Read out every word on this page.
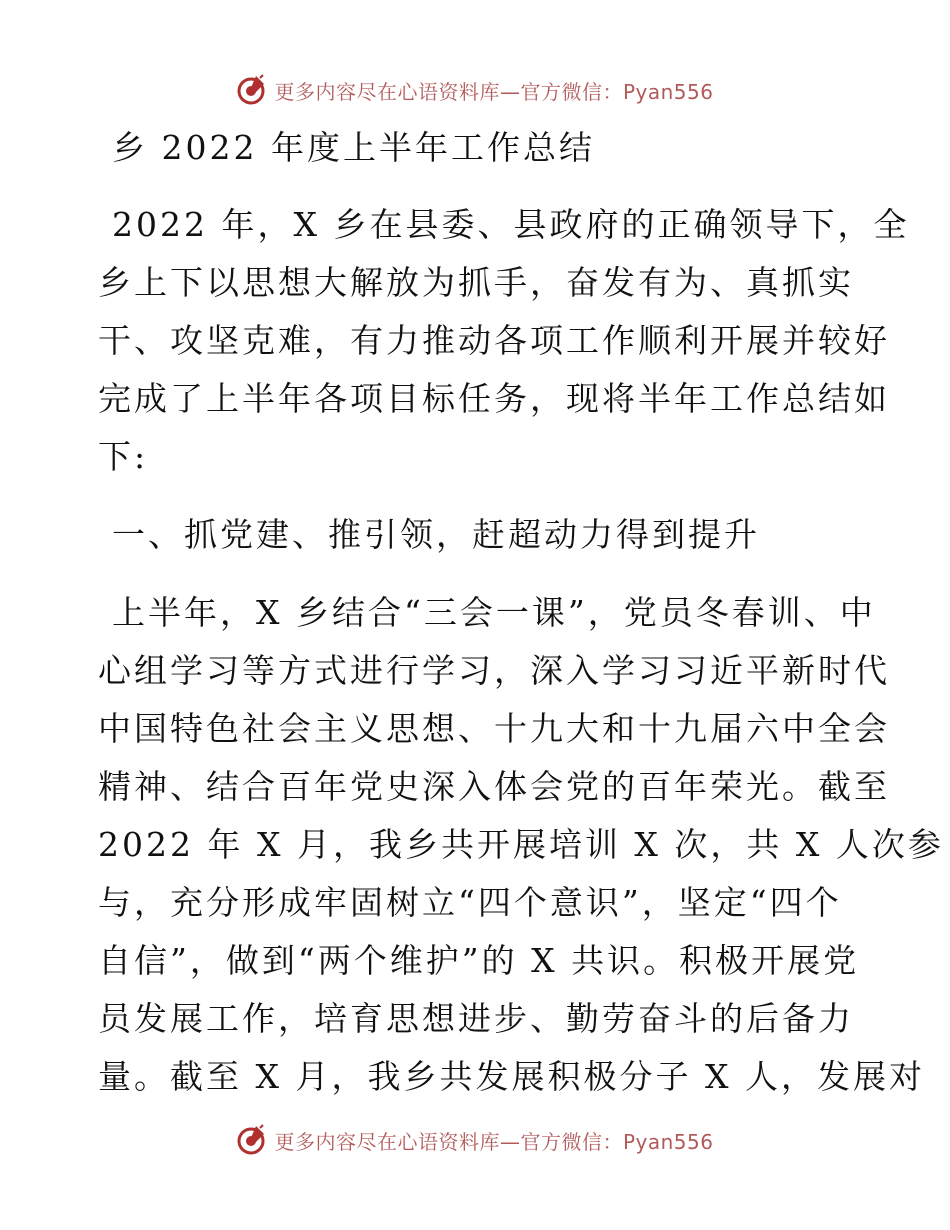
更多内容尽在心语资料库—官方微信：Pyan556
乡 2022 年度上半年工作总结
2022 年，X 乡在县委、县政府的正确领导下，全
乡上下以思想大解放为抓手，奋发有为、真抓实
干、攻坚克难，有力推动各项工作顺利开展并较好
完成了上半年各项目标任务，现将半年工作总结如
下:
一、抓党建、推引领，赶超动力得到提升
上半年，X 乡结合“三会一课”，党员冬春训、中
心组学习等方式进行学习，深入学习习近平新时代
中国特色社会主义思想、十九大和十九届六中全会
精神、结合百年党史深入体会党的百年荣光。截至
2022 年 X 月，我乡共开展培训 X 次，共 X 人次参
与，充分形成牢固树立“四个意识”，坚定“四个
自信”，做到“两个维护”的 X 共识。积极开展党
员发展工作，培育思想进步、勤劳奋斗的后备力
量。截至 X 月，我乡共发展积极分子 X 人，发展对
更多内容尽在心语资料库—官方微信：Pyan556
